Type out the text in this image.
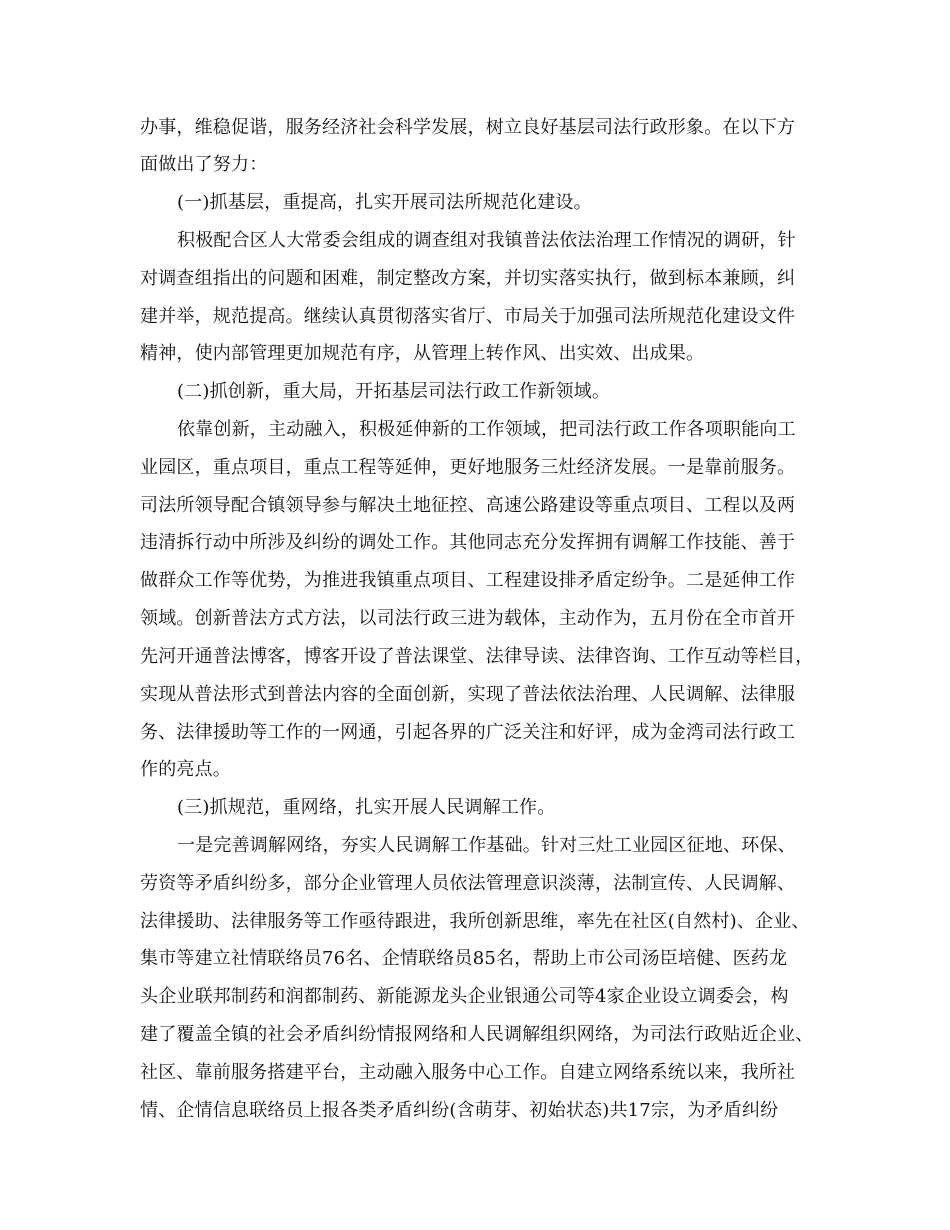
办事，维稳促谐，服务经济社会科学发展，树立良好基层司法行政形象。在以下方
面做出了努力：
(一)抓基层，重提高，扎实开展司法所规范化建设。
积极配合区人大常委会组成的调查组对我镇普法依法治理工作情况的调研，针
对调查组指出的问题和困难，制定整改方案，并切实落实执行，做到标本兼顾，纠
建并举，规范提高。继续认真贯彻落实省厅、市局关于加强司法所规范化建设文件
精神，使内部管理更加规范有序，从管理上转作风、出实效、出成果。
(二)抓创新，重大局，开拓基层司法行政工作新领域。
依靠创新，主动融入，积极延伸新的工作领域，把司法行政工作各项职能向工
业园区，重点项目，重点工程等延伸，更好地服务三灶经济发展。一是靠前服务。
司法所领导配合镇领导参与解决土地征控、高速公路建设等重点项目、工程以及两
违清拆行动中所涉及纠纷的调处工作。其他同志充分发挥拥有调解工作技能、善于
做群众工作等优势，为推进我镇重点项目、工程建设排矛盾定纷争。二是延伸工作
领域。创新普法方式方法，以司法行政三进为载体，主动作为，五月份在全市首开
先河开通普法博客，博客开设了普法课堂、法律导读、法律咨询、工作互动等栏目，
实现从普法形式到普法内容的全面创新，实现了普法依法治理、人民调解、法律服
务、法律援助等工作的一网通，引起各界的广泛关注和好评，成为金湾司法行政工
作的亮点。
(三)抓规范，重网络，扎实开展人民调解工作。
一是完善调解网络，夯实人民调解工作基础。针对三灶工业园区征地、环保、
劳资等矛盾纠纷多，部分企业管理人员依法管理意识淡薄，法制宣传、人民调解、
法律援助、法律服务等工作亟待跟进，我所创新思维，率先在社区(自然村)、企业、
集市等建立社情联络员76名、企情联络员85名，帮助上市公司汤臣培健、医药龙
头企业联邦制药和润都制药、新能源龙头企业银通公司等4家企业设立调委会，构
建了覆盖全镇的社会矛盾纠纷情报网络和人民调解组织网络，为司法行政贴近企业、
社区、靠前服务搭建平台，主动融入服务中心工作。自建立网络系统以来，我所社
情、企情信息联络员上报各类矛盾纠纷(含萌芽、初始状态)共17宗，为矛盾纠纷
